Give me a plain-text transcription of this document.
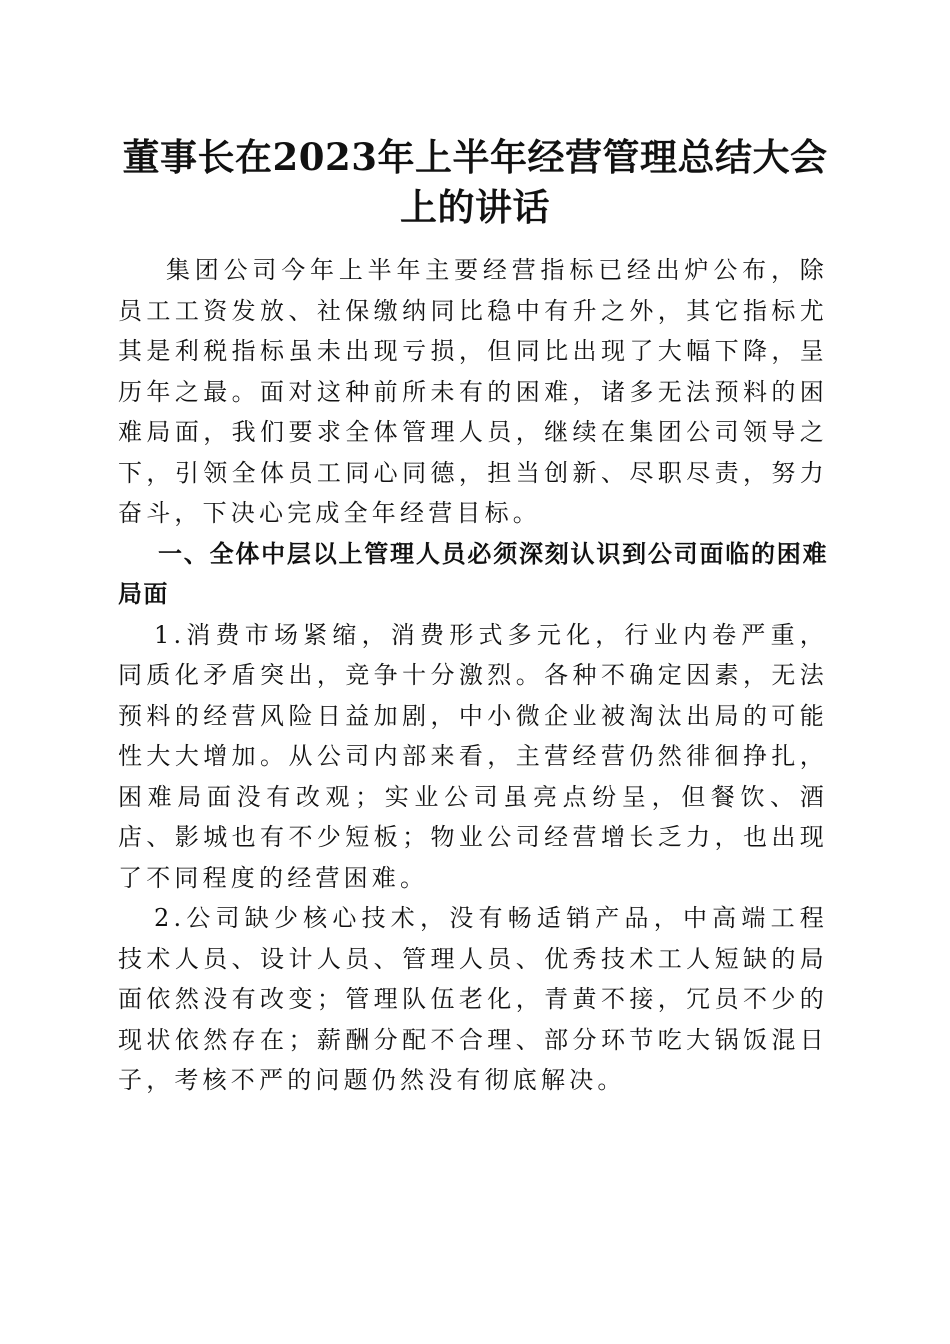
董事长在2023年上半年经营管理总结大会上的讲话

集团公司今年上半年主要经营指标已经出炉公布，除员工工资发放、社保缴纳同比稳中有升之外，其它指标尤其是利税指标虽未出现亏损，但同比出现了大幅下降，呈历年之最。面对这种前所未有的困难，诸多无法预料的困难局面，我们要求全体管理人员，继续在集团公司领导之下，引领全体员工同心同德，担当创新、尽职尽责，努力奋斗，下决心完成全年经营目标。

一、全体中层以上管理人员必须深刻认识到公司面临的困难局面

1.消费市场紧缩，消费形式多元化，行业内卷严重，同质化矛盾突出，竞争十分激烈。各种不确定因素，无法预料的经营风险日益加剧，中小微企业被淘汰出局的可能性大大增加。从公司内部来看，主营经营仍然徘徊挣扎，困难局面没有改观；实业公司虽亮点纷呈，但餐饮、酒店、影城也有不少短板；物业公司经营增长乏力，也出现了不同程度的经营困难。

2.公司缺少核心技术，没有畅适销产品，中高端工程技术人员、设计人员、管理人员、优秀技术工人短缺的局面依然没有改变；管理队伍老化，青黄不接，冗员不少的现状依然存在；薪酬分配不合理、部分环节吃大锅饭混日子，考核不严的问题仍然没有彻底解决。
